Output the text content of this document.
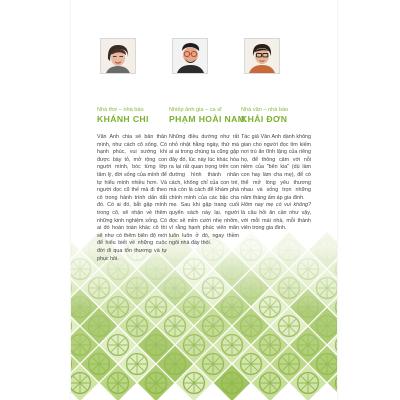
Nhà thơ – nhà báo
KHÁNH CHI

Vân Anh chia sẻ bản thân mình, như cách cô sống. Có hạnh phúc, vui sướng khi được bày tỏ, mở rộng con người mình, bóc từng lớp tâm lý, đời sống của mình để tự hiểu mình nhiều hơn. Và người đọc cũ thế mà đi theo cô trong hành trình dấn dắt đó. Có ai đó, bắt gặp mình trong cô, sẽ nhận về thêm những kinh nghiệm sống. Có ai đó hoàn toàn khác cô thì sẽ như có thêm biên độ mới để hiểu biết về những cuộc đời đi qua tổn thương và tự phục hồi.

Nhiếp ảnh gia – ca sĩ
PHẠM HOÀI NAM

Những điều dường như rất nhỏ nhặt hằng ngày, thứ mà ai ai trong chúng ta cũng gặp đây đó, lúc này lúc khác hóa ra lại rất quan trọng trên con đường hình thành nhân cách, không chỉ của con trẻ, mà còn là cách để khám phá chính mình của các bậc cha mẹ. Sau khi gập trang cuối quyển sách này lại, người đọc sẽ mỉm cười nhẹ nhõm, vì rằng hạnh phúc viên mãn luôn luôn ở đó, ngay thềm ngôi nhà đầy thói.

Nhà văn – nhà báo
KHẢI ĐƠN

Tác giả Vân Anh dành không gian cho người đọc tìm kiếm nơi trú ẩn tĩnh lặng của riêng họ, để thông cảm với nỗi niềm của "bên kia" (dù làm con hay làm cha mẹ), để có thể mở lòng yêu thương nhau và sống trọn những năm tháng ấm áp gia đình.

Hôm nay mẹ có vui không? là câu hỏi ân cần như vậy, với mỗi mái nhà, mỗi thành viên trong gia đình.
